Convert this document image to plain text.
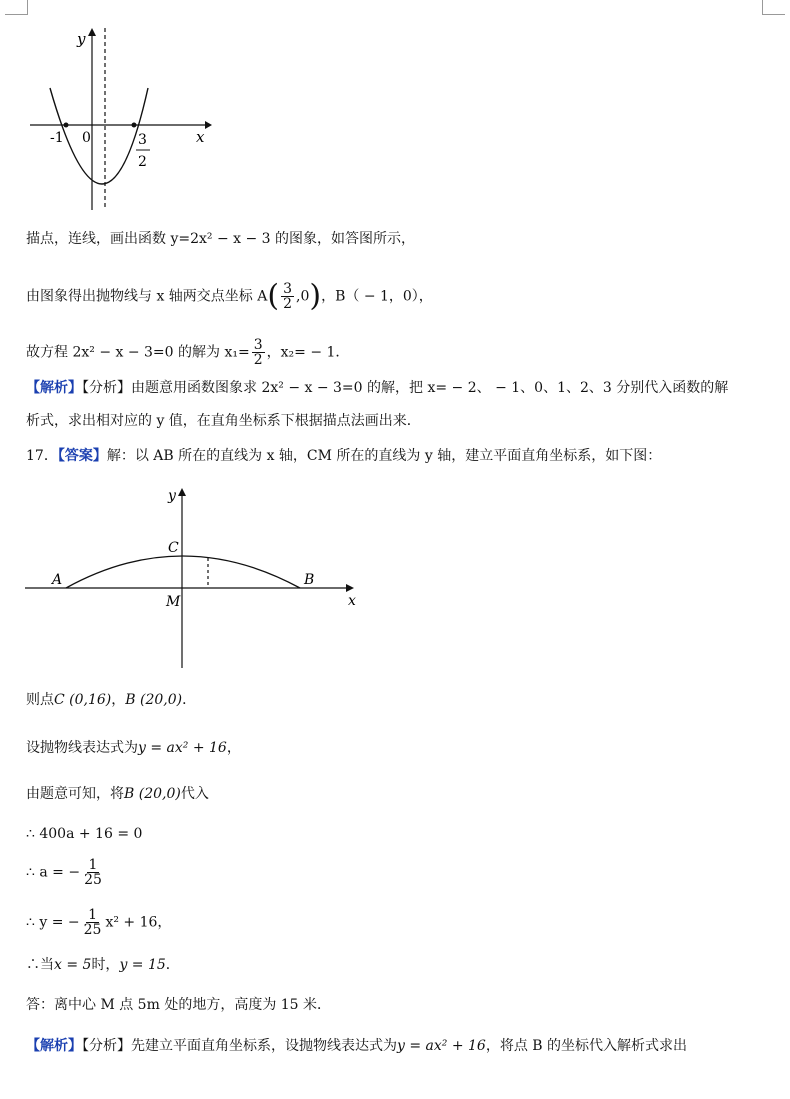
y
x
-1 0	3
2
描点，连线，画出函数 y=2x² − x − 3 的图象，如答图所示，
由图象得出抛物线与 x 轴两交点坐标 $A( \frac{3}{2} ,0)$，B（ − 1，0），
故方程 2x² − x − 3=0 的解为 $x_1= \frac{3}{2}$ ，x₂= − 1．
【解析】【分析】由题意用函数图象求 2x² − x − 3=0 的解，把 x= − 2、 − 1、0、1、2、3 分别代入函数的解
析式，求出相对应的 y 值，在直角坐标系下根据描点法画出来．
17．【答案】解：以 AB 所在的直线为 x 轴，CM 所在的直线为 y 轴，建立平面直角坐标系，如下图：
y
x
A	B
C
M
则点C (0,16)，B (20,0)．
设抛物线表达式为y = ax² + 16，
由题意可知，将B (20,0)代入
∴ 400a + 16 = 0
∴ a = − $\frac{1}{25}$
∴ y = − $\frac{1}{25} x^2 + 16$，
∴当x = 5时，y = 15．
答：离中心 M 点 5m 处的地方，高度为 15 米．
【解析】【分析】先建立平面直角坐标系，设抛物线表达式为y = ax² + 16，将点 B 的坐标代入解析式求出
